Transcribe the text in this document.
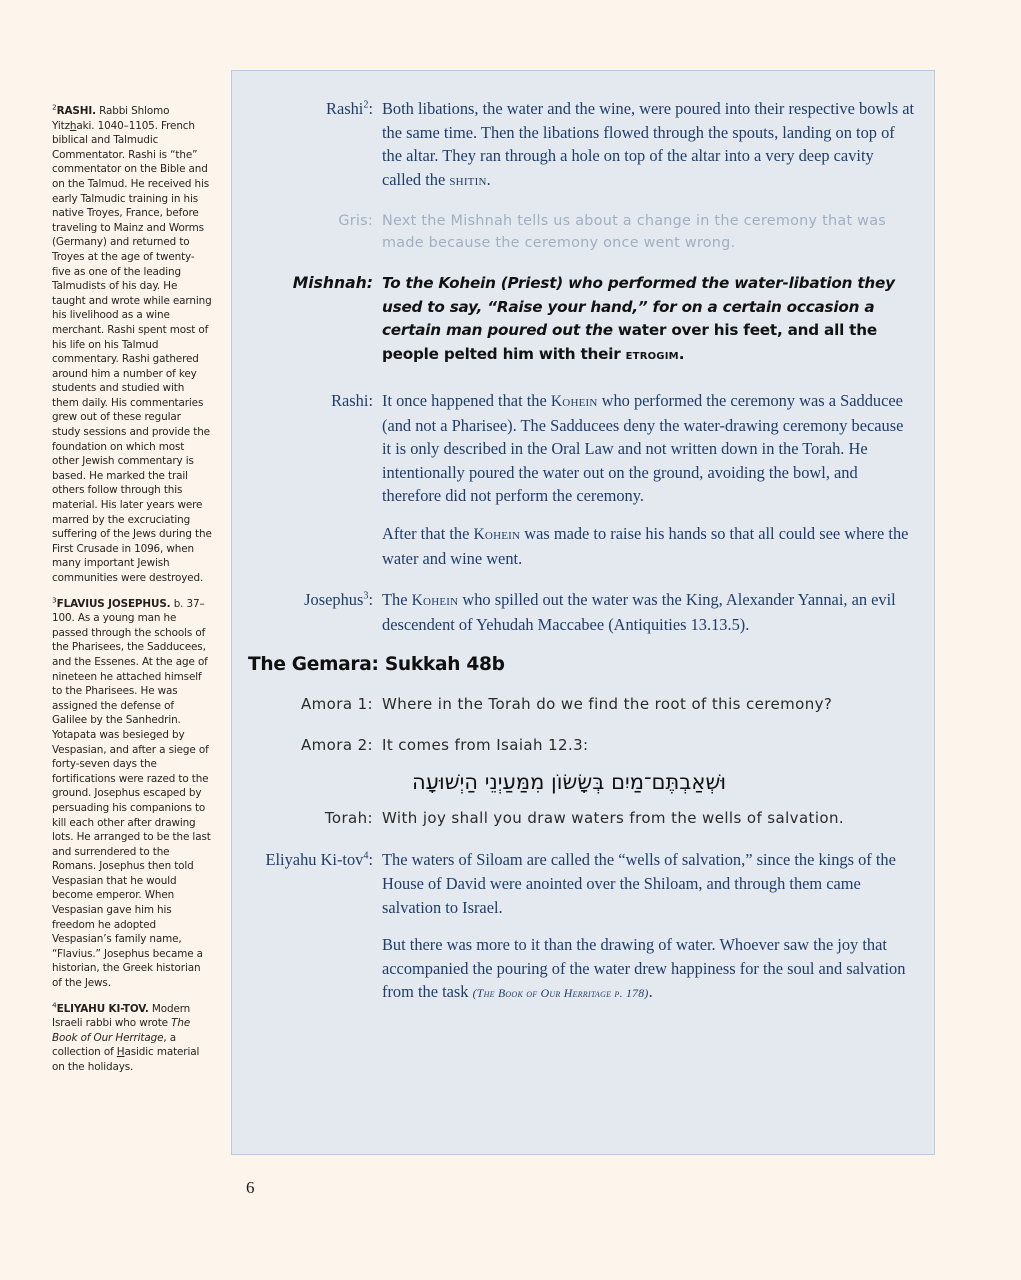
$^2$RASHI. Rabbi Shlomo Yitzhaki. 1040–1105. French biblical and Talmudic Commentator. Rashi is “the” commentator on the Bible and on the Talmud. He received his early Talmudic training in his native Troyes, France, before traveling to Mainz and Worms (Germany) and returned to Troyes at the age of twenty-five as one of the leading Talmudists of his day. He taught and wrote while earning his livelihood as a wine merchant. Rashi spent most of his life on his Talmud commentary. Rashi gathered around him a number of key students and studied with them daily. His commentaries grew out of these regular study sessions and provide the foundation on which most other Jewish commentary is based. He marked the trail others follow through this material. His later years were marred by the excruciating suffering of the Jews during the First Crusade in 1096, when many important Jewish communities were destroyed.
$^3$FLAVIUS JOSEPHUS. b. 37–100. As a young man he passed through the schools of the Pharisees, the Sadducees, and the Essenes. At the age of nineteen he attached himself to the Pharisees. He was assigned the defense of Galilee by the Sanhedrin. Yotapata was besieged by Vespasian, and after a siege of forty-seven days the fortifications were razed to the ground. Josephus escaped by persuading his companions to kill each other after drawing lots. He arranged to be the last and surrendered to the Romans. Josephus then told Vespasian that he would become emperor. When Vespasian gave him his freedom he adopted Vespasian’s family name, “Flavius.” Josephus became a historian, the Greek historian of the Jews.
$^4$ELIYAHU KI-TOV. Modern Israeli rabbi who wrote The Book of Our Herritage, a collection of Hasidic material on the holidays.
Rashi$^2$: Both libations, the water and the wine, were poured into their respective bowls at the same time. Then the libations flowed through the spouts, landing on top of the altar. They ran through a hole on top of the altar into a very deep cavity called the shitin.
Gris: Next the Mishnah tells us about a change in the ceremony that was made because the ceremony once went wrong.
Mishnah: To the Kohein (Priest) who performed the water-libation they used to say, “Raise your hand,” for on a certain occasion a certain man poured out the water over his feet, and all the people pelted him with their etrogim.
Rashi: It once happened that the Kohein who performed the ceremony was a Sadducee (and not a Pharisee). The Sadducees deny the water-drawing ceremony because it is only described in the Oral Law and not written down in the Torah. He intentionally poured the water out on the ground, avoiding the bowl, and therefore did not perform the ceremony.
After that the Kohein was made to raise his hands so that all could see where the water and wine went.
Josephus$^3$: The Kohein who spilled out the water was the King, Alexander Yannai, an evil descendent of Yehudah Maccabee (Antiquities 13.13.5).
The Gemara: Sukkah 48b
Amora 1: Where in the Torah do we find the root of this ceremony?
Amora 2: It comes from Isaiah 12.3:
וּשְׁאַבְתֶּם־מַיִם בְּשָׂשׂוֹן מִמַּעַיְנֵי הַיְשׁוּעָה
Torah: With joy shall you draw waters from the wells of salvation.
Eliyahu Ki-tov$^4$: The waters of Siloam are called the “wells of salvation,” since the kings of the House of David were anointed over the Shiloam, and through them came salvation to Israel.
But there was more to it than the drawing of water. Whoever saw the joy that accompanied the pouring of the water drew happiness for the soul and salvation from the task (The Book of Our Herritage p. 178).
6
